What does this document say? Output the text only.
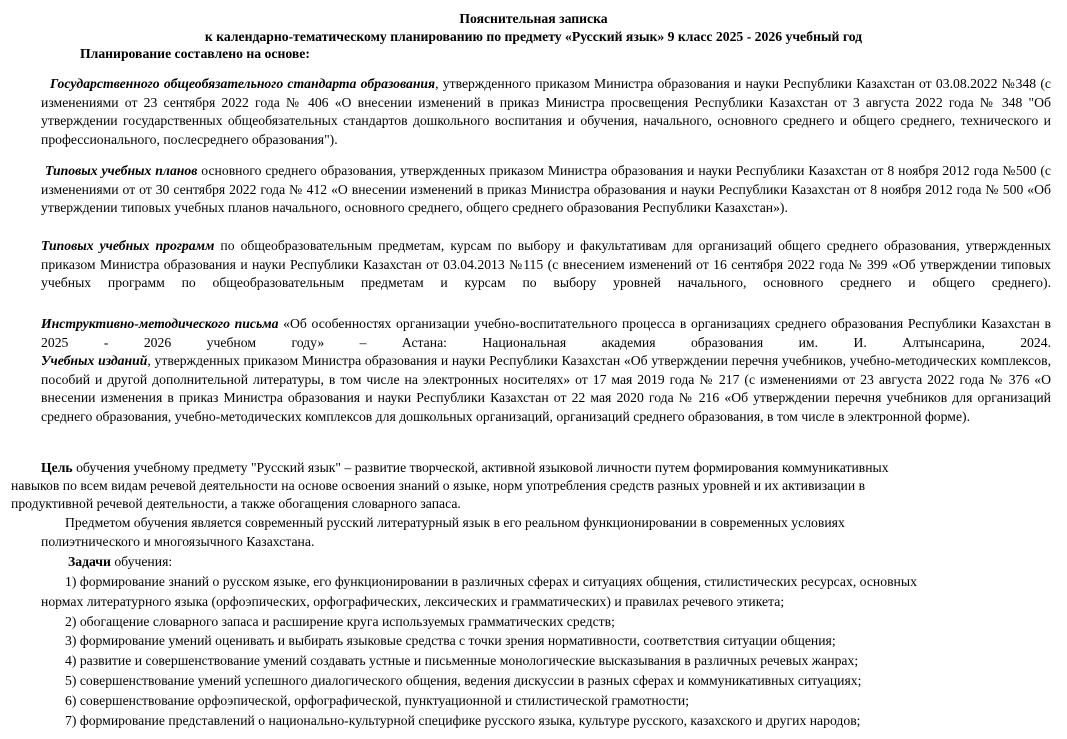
Пояснительная записка
к календарно-тематическому планированию по предмету «Русский язык» 9 класс 2025 - 2026 учебный год
Планирование составлено на основе:
Государственного общеобязательного стандарта образования, утвержденного приказом Министра образования и науки Республики Казахстан от 03.08.2022 №348 (с изменениями от 23 сентября 2022 года № 406 «О внесении изменений в приказ Министра просвещения Республики Казахстан от 3 августа 2022 года № 348 "Об утверждении государственных общеобязательных стандартов дошкольного воспитания и обучения, начального, основного среднего и общего среднего, технического и профессионального, послесреднего образования").
Типовых учебных планов основного среднего образования, утвержденных приказом Министра образования и науки Республики Казахстан от 8 ноября 2012 года №500 (с изменениями от от 30 сентября 2022 года № 412 «О внесении изменений в приказ Министра образования и науки Республики Казахстан от 8 ноября 2012 года № 500 «Об утверждении типовых учебных планов начального, основного среднего, общего среднего образования Республики Казахстан»).
Типовых учебных программ по общеобразовательным предметам, курсам по выбору и факультативам для организаций общего среднего образования, утвержденных приказом Министра образования и науки Республики Казахстан от 03.04.2013 №115 (с внесением изменений от 16 сентября 2022 года № 399 «Об утверждении типовых учебных программ по общеобразовательным предметам и курсам по выбору уровней начального, основного среднего и общего среднего).
Инструктивно-методического письма «Об особенностях организации учебно-воспитательного процесса в организациях среднего образования Республики Казахстан в 2025 - 2026 учебном году» – Астана: Национальная академия образования им. И. Алтынсарина, 2024.
Учебных изданий, утвержденных приказом Министра образования и науки Республики Казахстан «Об утверждении перечня учебников, учебно-методических комплексов, пособий и другой дополнительной литературы, в том числе на электронных носителях» от 17 мая 2019 года № 217 (с изменениями от 23 августа 2022 года № 376 «О внесении изменения в приказ Министра образования и науки Республики Казахстан от 22 мая 2020 года № 216 «Об утверждении перечня учебников для организаций среднего образования, учебно-методических комплексов для дошкольных организаций, организаций среднего образования, в том числе в электронной форме).
Цель обучения учебному предмету "Русский язык" – развитие творческой, активной языковой личности путем формирования коммуникативных
навыков по всем видам речевой деятельности на основе освоения знаний о языке, норм употребления средств разных уровней и их активизации в
продуктивной речевой деятельности, а также обогащения словарного запаса.
Предметом обучения является современный русский литературный язык в его реальном функционировании в современных условиях
полиэтнического и многоязычного Казахстана.
Задачи обучения:
1) формирование знаний о русском языке, его функционировании в различных сферах и ситуациях общения, стилистических ресурсах, основных
нормах литературного языка (орфоэпических, орфографических, лексических и грамматических) и правилах речевого этикета;
2) обогащение словарного запаса и расширение круга используемых грамматических средств;
3) формирование умений оценивать и выбирать языковые средства с точки зрения нормативности, соответствия ситуации общения;
4) развитие и совершенствование умений создавать устные и письменные монологические высказывания в различных речевых жанрах;
5) совершенствование умений успешного диалогического общения, ведения дискуссии в разных сферах и коммуникативных ситуациях;
6) совершенствование орфоэпической, орфографической, пунктуационной и стилистической грамотности;
7) формирование представлений о национально-культурной специфике русского языка, культуре русского, казахского и других народов;
